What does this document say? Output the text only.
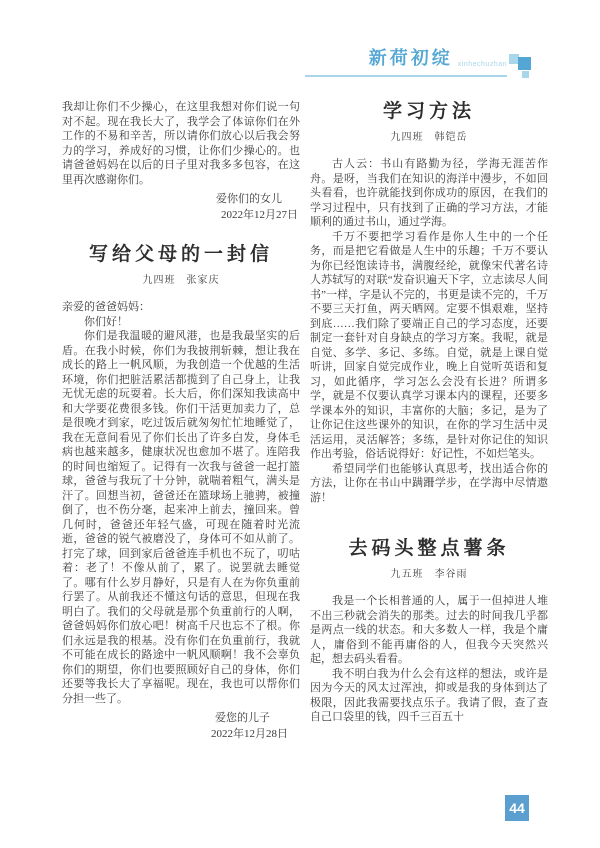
新荷初绽 xinhechuzhan

我却让你们不少操心，在这里我想对你们说一句对不起。现在我长大了，我学会了体谅你们在外工作的不易和辛苦，所以请你们放心以后我会努力的学习，养成好的习惯，让你们少操心的。也请爸爸妈妈在以后的日子里对我多多包容，在这里再次感谢你们。

爱你们的女儿
2022年12月27日
写给父母的一封信
九四班　张家庆

亲爱的爸爸妈妈：

你们好！

你们是我温暖的避风港，也是我最坚实的后盾。在我小时候，你们为我披荆斩棘，想让我在成长的路上一帆风顺，为我创造一个优越的生活环境，你们把脏活累活都揽到了自己身上，让我无忧无虑的玩耍着。长大后，你们深知我读高中和大学要花费很多钱。你们干活更加卖力了，总是很晚才到家，吃过饭后就匆匆忙忙地睡觉了，我在无意间看见了你们长出了许多白发，身体毛病也越来越多，健康状况也愈加不堪了。连陪我的时间也缩短了。记得有一次我与爸爸一起打篮球，爸爸与我玩了十分钟，就喘着粗气，满头是汗了。回想当初，爸爸还在篮球场上驰骋，被撞倒了，也不伤分毫，起来冲上前去，撞回来。曾几何时，爸爸还年轻气盛，可现在随着时光流逝，爸爸的锐气被磨没了，身体可不如从前了。打完了球，回到家后爸爸连手机也不玩了，叨咕着：老了！不像从前了，累了。说罢就去睡觉了。哪有什么岁月静好，只是有人在为你负重前行罢了。从前我还不懂这句话的意思，但现在我明白了。我们的父母就是那个负重前行的人啊，爸爸妈妈你们放心吧！树高千尺也忘不了根。你们永远是我的根基。没有你们在负重前行，我就不可能在成长的路途中一帆风顺啊！我不会辜负你们的期望，你们也要照顾好自己的身体，你们还要等我长大了享福呢。现在，我也可以帮你们分担一些了。

爱您的儿子
2022年12月28日
学习方法
九四班　韩铠岳

古人云：书山有路勤为径，学海无涯苦作舟。是呀，当我们在知识的海洋中漫步，不如回头看看，也许就能找到你成功的原因，在我们的学习过程中，只有找到了正确的学习方法，才能顺利的通过书山，通过学海。

千万不要把学习看作是你人生中的一个任务，而是把它看做是人生中的乐趣；千万不要认为你已经饱读诗书，满腹经纶，就像宋代著名诗人苏轼写的对联“发奋识遍天下字，立志读尽人间书”一样，字是认不完的，书更是读不完的，千万不要三天打鱼，两天晒网。定要不惧艰难，坚持到底……我们除了要端正自己的学习态度，还要制定一套针对自身缺点的学习方案。我呢，就是自觉、多学、多记、多练。自觉，就是上课自觉听讲，回家自觉完成作业，晚上自觉听英语和复习，如此循序，学习怎么会没有长进？所谓多学，就是不仅要认真学习课本内的课程，还要多学课本外的知识，丰富你的大脑；多记，是为了让你记住这些课外的知识，在你的学习生活中灵活运用，灵活解答；多练，是针对你记住的知识作出考验，俗话说得好：好记性，不如烂笔头。

希望同学们也能够认真思考，找出适合你的方法，让你在书山中蹒跚学步，在学海中尽情遨游！

去码头整点薯条
九五班　李谷雨

我是一个长相普通的人，属于一但掉进人堆不出三秒就会消失的那类。过去的时间我几乎都是两点一线的状态。和大多数人一样，我是个庸人，庸俗到不能再庸俗的人，但我今天突然兴起，想去码头看看。

我不明白我为什么会有这样的想法，或许是因为今天的风太过浑浊，抑或是我的身体到达了极限，因此我需要找点乐子。我请了假，查了查自己口袋里的钱，四千三百五十

44
